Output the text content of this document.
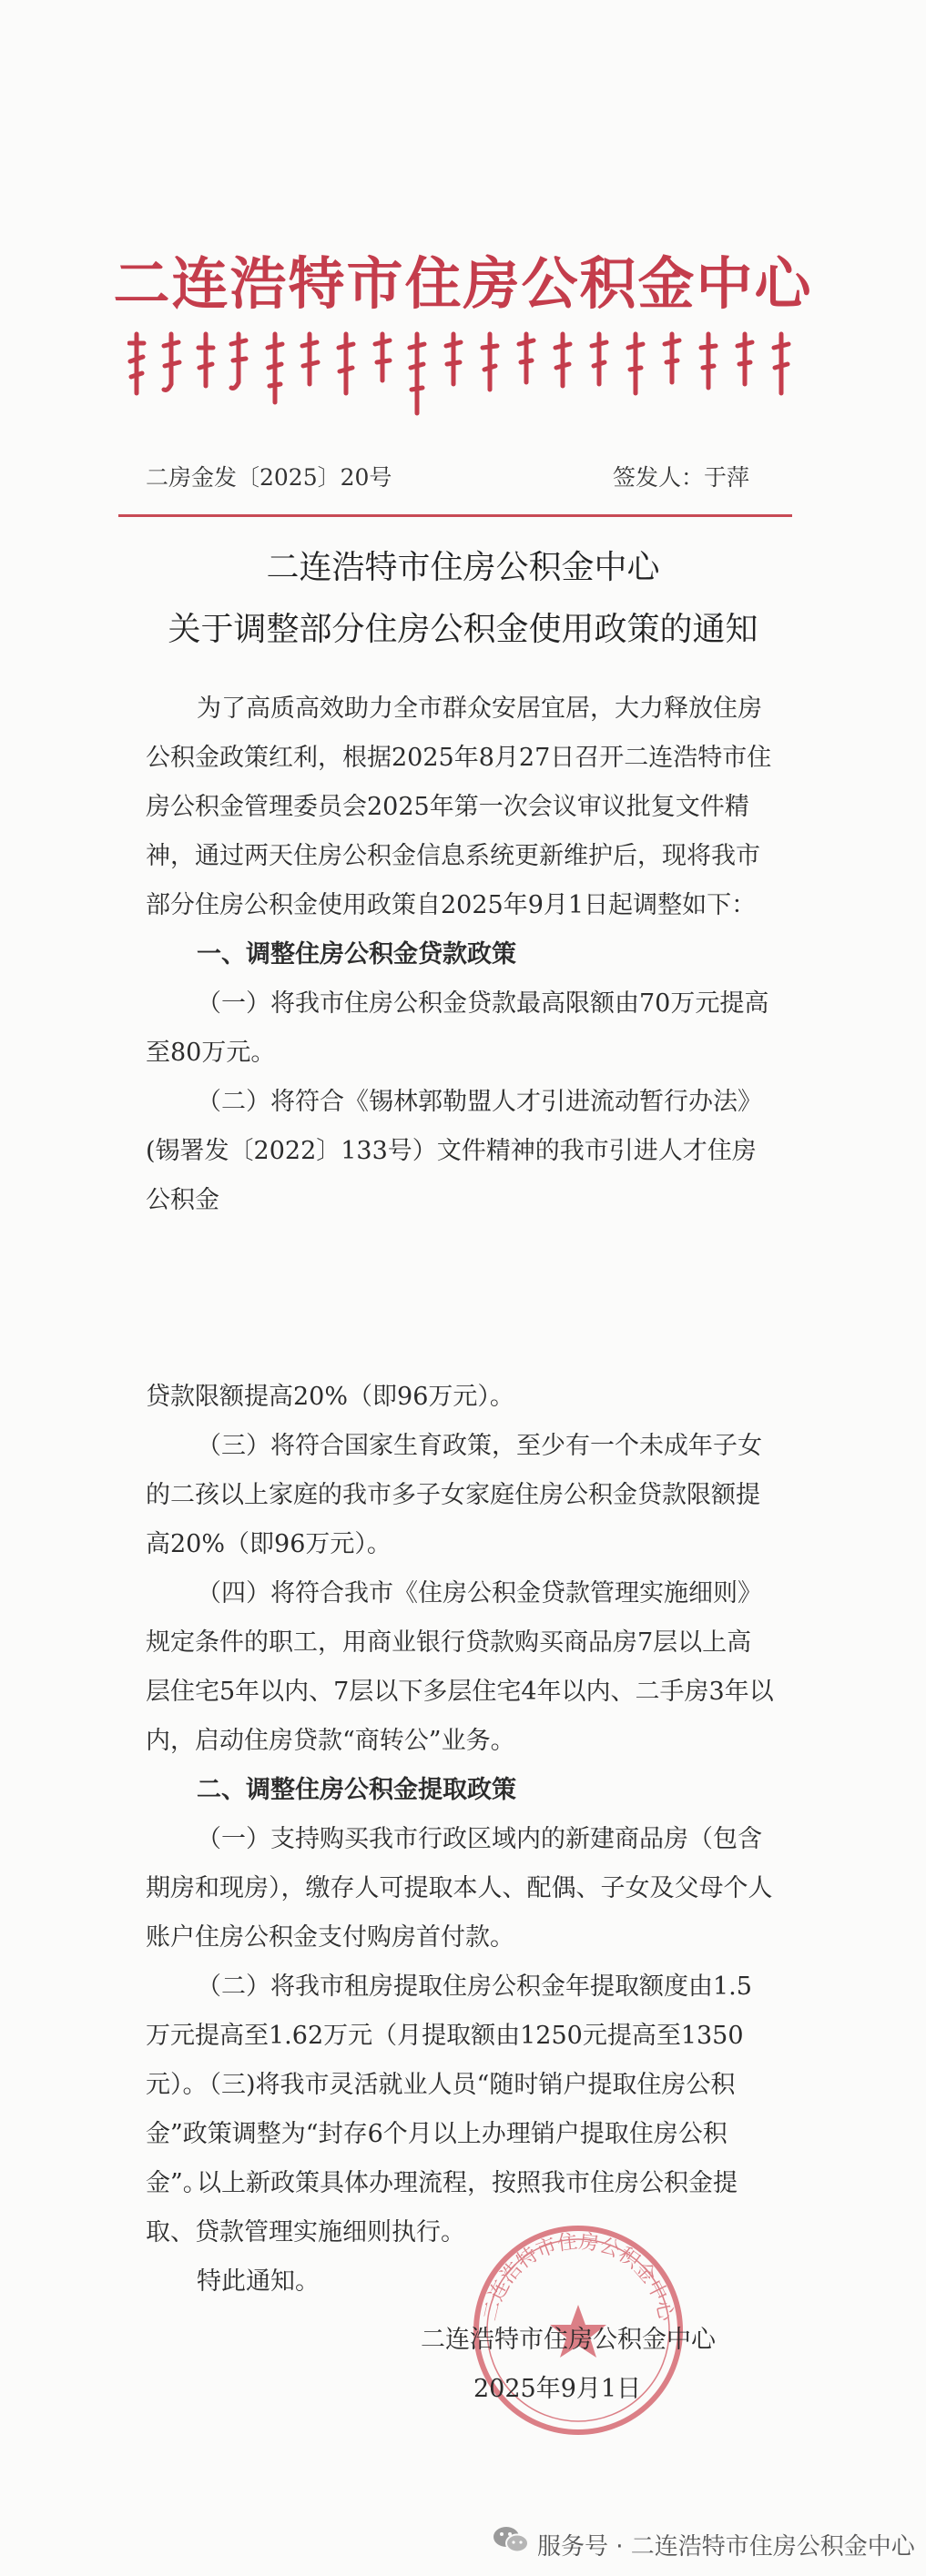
二连浩特市住房公积金中心
二房金发〔2025〕20号	签发人：于萍
二连浩特市住房公积金中心
关于调整部分住房公积金使用政策的通知

为了高质高效助力全市群众安居宜居，大力释放住房公积金政策红利，根据2025年8月27日召开二连浩特市住房公积金管理委员会2025年第一次会议审议批复文件精神，通过两天住房公积金信息系统更新维护后，现将我市部分住房公积金使用政策自2025年9月1日起调整如下：

一、调整住房公积金贷款政策

（一）将我市住房公积金贷款最高限额由70万元提高至80万元。

（二）将符合《锡林郭勒盟人才引进流动暂行办法》(锡署发〔2022〕133号）文件精神的我市引进人才住房公积金

贷款限额提高20%（即96万元）。

（三）将符合国家生育政策，至少有一个未成年子女的二孩以上家庭的我市多子女家庭住房公积金贷款限额提高20%（即96万元）。

（四）将符合我市《住房公积金贷款管理实施细则》规定条件的职工，用商业银行贷款购买商品房7层以上高层住宅5年以内、7层以下多层住宅4年以内、二手房3年以内，启动住房贷款“商转公”业务。

二、调整住房公积金提取政策

（一）支持购买我市行政区域内的新建商品房（包含期房和现房），缴存人可提取本人、配偶、子女及父母个人账户住房公积金支付购房首付款。

（二）将我市租房提取住房公积金年提取额度由1.5万元提高至1.62万元（月提取额由1250元提高至1350元）。

（三)将我市灵活就业人员“随时销户提取住房公积金”政策调整为“封存6个月以上办理销户提取住房公积金”。

以上新政策具体办理流程，按照我市住房公积金提取、贷款管理实施细则执行。

特此通知。

二连浩特市住房公积金中心
二连浩特市住房公积金中心
2025年9月1日
服务号 · 二连浩特市住房公积金中心
